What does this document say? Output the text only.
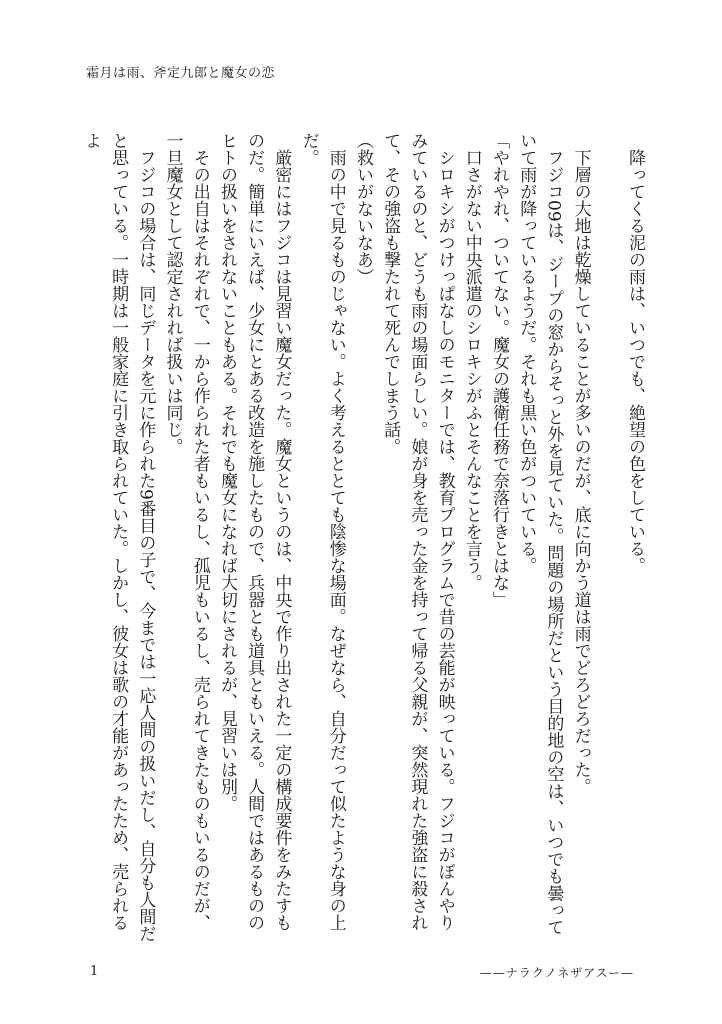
霜月は雨、斧定九郎と魔女の恋

　降ってくる泥の雨は、いつでも、絶望の色をしている。

　下層の大地は乾燥していることが多いのだが、底に向かう道は雨でどろどろだった。

　フジコ09は、ジープの窓からそっと外を見ていた。問題の場所だという目的地の空は、いつでも曇っていて雨が降っているようだ。それも黒い色がついている。

「やれやれ、ついてない。魔女の護衛任務で奈落行きとはな」

　口さがない中央派遣のシロキシがふとそんなことを言う。

　シロキシがつけっぱなしのモニターでは、教育プログラムで昔の芸能が映っている。フジコがぼんやりみているのと、どうも雨の場面らしい。娘が身を売った金を持って帰る父親が、突然現れた強盗に殺されて、その強盗も撃たれて死んでしまう話。

（救いがないなあ）

　雨の中で見るものじゃない。よく考えるととても陰惨な場面。なぜなら、自分だって似たような身の上だ。

　厳密にはフジコは見習い魔女だった。魔女というのは、中央で作り出された一定の構成要件をみたすものだ。簡単にいえば、少女にとある改造を施したもので、兵器とも道具ともいえる。人間ではあるもののヒトの扱いをされないこともある。それでも魔女になれば大切にされるが、見習いは別。

　その出自はそれぞれで、一から作られた者もいるし、孤児もいるし、売られてきたものもいるのだが、一旦魔女として認定されれば扱いは同じ。

　フジコの場合は、同じデータを元に作られた9番目の子で、今までは一応人間の扱いだし、自分も人間だと思っている。一時期は一般家庭に引き取られていた。しかし、彼女は歌の才能があったため、売られるよ

1	——ナラクノネザアスー—
